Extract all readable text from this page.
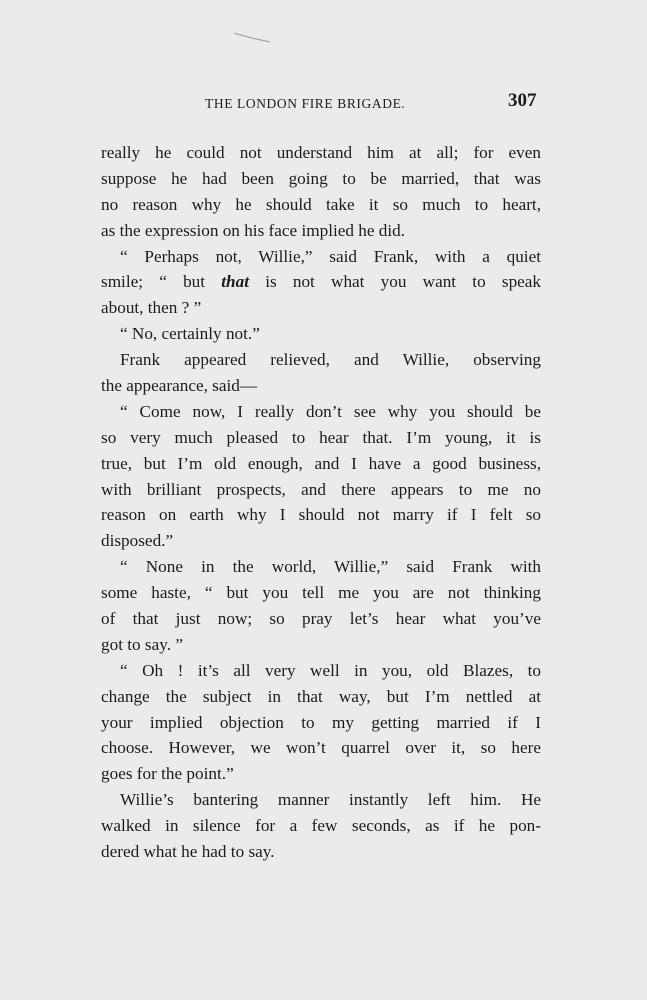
THE LONDON FIRE BRIGADE.	307
really he could not understand him at all; for even
suppose he had been going to be married, that was
no reason why he should take it so much to heart,
as the expression on his face implied he did.
“ Perhaps not, Willie,” said Frank, with a quiet
smile; “ but that is not what you want to speak
about, then ? ”
“ No, certainly not.”
Frank appeared relieved, and Willie, observing
the appearance, said—
“ Come now, I really don’t see why you should be
so very much pleased to hear that. I’m young, it is
true, but I’m old enough, and I have a good business,
with brilliant prospects, and there appears to me no
reason on earth why I should not marry if I felt so
disposed.”
“ None in the world, Willie,” said Frank with
some haste, “ but you tell me you are not thinking
of that just now; so pray let’s hear what you’ve
got to say. ”
“ Oh ! it’s all very well in you, old Blazes, to
change the subject in that way, but I’m nettled at
your implied objection to my getting married if I
choose. However, we won’t quarrel over it, so here
goes for the point.”
Willie’s bantering manner instantly left him. He
walked in silence for a few seconds, as if he pon-
dered what he had to say.
